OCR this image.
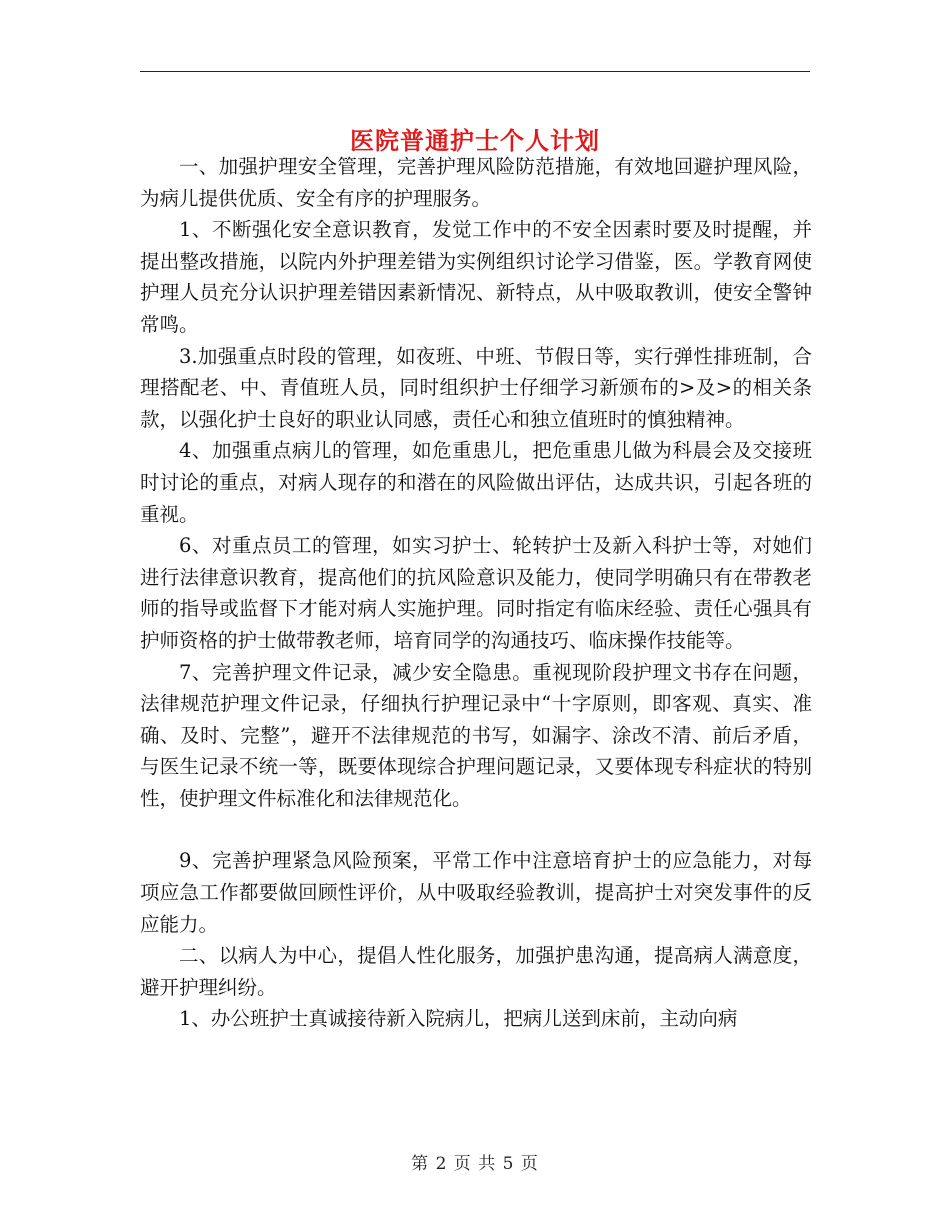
医院普通护士个人计划

一、加强护理安全管理，完善护理风险防范措施，有效地回避护理风险，为病儿提供优质、安全有序的护理服务。

1、不断强化安全意识教育，发觉工作中的不安全因素时要及时提醒，并提出整改措施，以院内外护理差错为实例组织讨论学习借鉴，医。学教育网使护理人员充分认识护理差错因素新情况、新特点，从中吸取教训，使安全警钟常鸣。

3.加强重点时段的管理，如夜班、中班、节假日等，实行弹性排班制，合理搭配老、中、青值班人员，同时组织护士仔细学习新颁布的>及>的相关条款，以强化护士良好的职业认同感，责任心和独立值班时的慎独精神。

4、加强重点病儿的管理，如危重患儿，把危重患儿做为科晨会及交接班时讨论的重点，对病人现存的和潜在的风险做出评估，达成共识，引起各班的重视。

6、对重点员工的管理，如实习护士、轮转护士及新入科护士等，对她们进行法律意识教育，提高他们的抗风险意识及能力，使同学明确只有在带教老师的指导或监督下才能对病人实施护理。同时指定有临床经验、责任心强具有护师资格的护士做带教老师，培育同学的沟通技巧、临床操作技能等。

7、完善护理文件记录，减少安全隐患。重视现阶段护理文书存在问题，法律规范护理文件记录，仔细执行护理记录中“十字原则，即客观、真实、准确、及时、完整”，避开不法律规范的书写，如漏字、涂改不清、前后矛盾，与医生记录不统一等，既要体现综合护理问题记录，又要体现专科症状的特别性，使护理文件标准化和法律规范化。

9、完善护理紧急风险预案，平常工作中注意培育护士的应急能力，对每项应急工作都要做回顾性评价，从中吸取经验教训，提高护士对突发事件的反应能力。

二、以病人为中心，提倡人性化服务，加强护患沟通，提高病人满意度，避开护理纠纷。

1、办公班护士真诚接待新入院病儿，把病儿送到床前，主动向病

第 2 页 共 5 页
